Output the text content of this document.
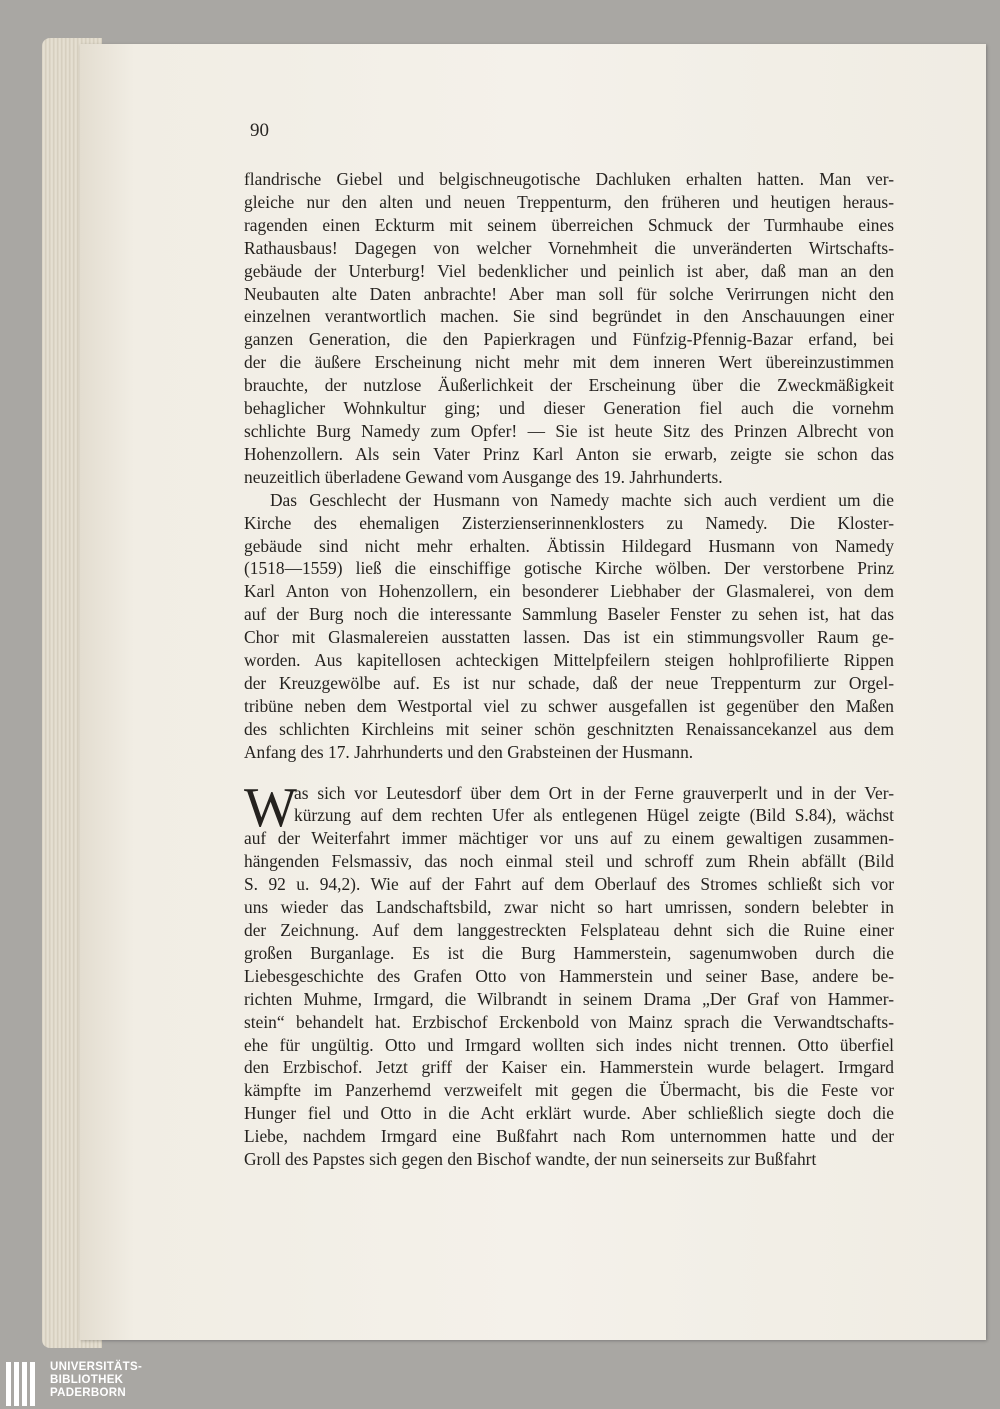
90
flandrische Giebel und belgischneugotische Dachluken erhalten hatten. Man ver-
gleiche nur den alten und neuen Treppenturm, den früheren und heutigen heraus-
ragenden einen Eckturm mit seinem überreichen Schmuck der Turmhaube eines
Rathausbaus! Dagegen von welcher Vornehmheit die unveränderten Wirtschafts-
gebäude der Unterburg! Viel bedenklicher und peinlich ist aber, daß man an den
Neubauten alte Daten anbrachte! Aber man soll für solche Verirrungen nicht den
einzelnen verantwortlich machen. Sie sind begründet in den Anschauungen einer
ganzen Generation, die den Papierkragen und Fünfzig-Pfennig-Bazar erfand, bei
der die äußere Erscheinung nicht mehr mit dem inneren Wert übereinzustimmen
brauchte, der nutzlose Äußerlichkeit der Erscheinung über die Zweckmäßigkeit
behaglicher Wohnkultur ging; und dieser Generation fiel auch die vornehm
schlichte Burg Namedy zum Opfer! — Sie ist heute Sitz des Prinzen Albrecht von
Hohenzollern. Als sein Vater Prinz Karl Anton sie erwarb, zeigte sie schon das
neuzeitlich überladene Gewand vom Ausgange des 19. Jahrhunderts.
Das Geschlecht der Husmann von Namedy machte sich auch verdient um die
Kirche des ehemaligen Zisterzienserinnenklosters zu Namedy. Die Kloster-
gebäude sind nicht mehr erhalten. Äbtissin Hildegard Husmann von Namedy
(1518—1559) ließ die einschiffige gotische Kirche wölben. Der verstorbene Prinz
Karl Anton von Hohenzollern, ein besonderer Liebhaber der Glasmalerei, von dem
auf der Burg noch die interessante Sammlung Baseler Fenster zu sehen ist, hat das
Chor mit Glasmalereien ausstatten lassen. Das ist ein stimmungsvoller Raum ge-
worden. Aus kapitellosen achteckigen Mittelpfeilern steigen hohlprofilierte Rippen
der Kreuzgewölbe auf. Es ist nur schade, daß der neue Treppenturm zur Orgel-
tribüne neben dem Westportal viel zu schwer ausgefallen ist gegenüber den Maßen
des schlichten Kirchleins mit seiner schön geschnitzten Renaissancekanzel aus dem
Anfang des 17. Jahrhunderts und den Grabsteinen der Husmann.
W
as sich vor Leutesdorf über dem Ort in der Ferne grauverperlt und in der Ver-
kürzung auf dem rechten Ufer als entlegenen Hügel zeigte (Bild S.84), wächst
auf der Weiterfahrt immer mächtiger vor uns auf zu einem gewaltigen zusammen-
hängenden Felsmassiv, das noch einmal steil und schroff zum Rhein abfällt (Bild
S. 92 u. 94,2). Wie auf der Fahrt auf dem Oberlauf des Stromes schließt sich vor
uns wieder das Landschaftsbild, zwar nicht so hart umrissen, sondern belebter in
der Zeichnung. Auf dem langgestreckten Felsplateau dehnt sich die Ruine einer
großen Burganlage. Es ist die Burg Hammerstein, sagenumwoben durch die
Liebesgeschichte des Grafen Otto von Hammerstein und seiner Base, andere be-
richten Muhme, Irmgard, die Wilbrandt in seinem Drama „Der Graf von Hammer-
stein“ behandelt hat. Erzbischof Erckenbold von Mainz sprach die Verwandtschafts-
ehe für ungültig. Otto und Irmgard wollten sich indes nicht trennen. Otto überfiel
den Erzbischof. Jetzt griff der Kaiser ein. Hammerstein wurde belagert. Irmgard
kämpfte im Panzerhemd verzweifelt mit gegen die Übermacht, bis die Feste vor
Hunger fiel und Otto in die Acht erklärt wurde. Aber schließlich siegte doch die
Liebe, nachdem Irmgard eine Bußfahrt nach Rom unternommen hatte und der
Groll des Papstes sich gegen den Bischof wandte, der nun seinerseits zur Bußfahrt
UNIVERSITÄTS-
BIBLIOTHEK
PADERBORN
